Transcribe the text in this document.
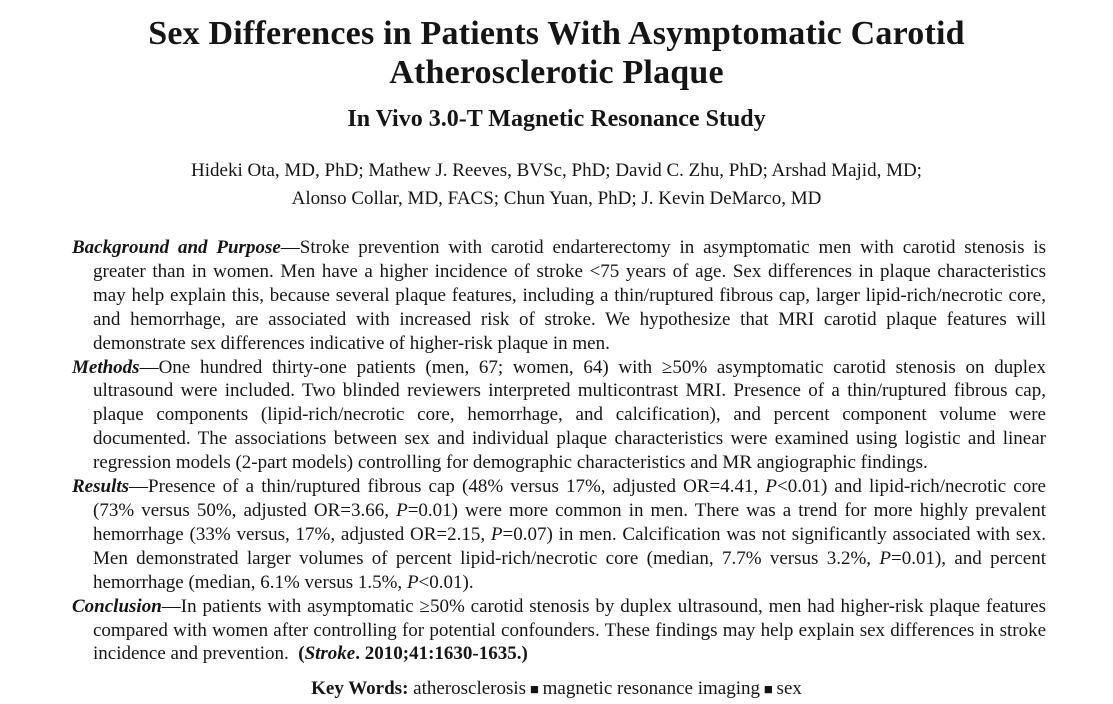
Sex Differences in Patients With Asymptomatic Carotid
Atherosclerotic Plaque
In Vivo 3.0-T Magnetic Resonance Study
Hideki Ota, MD, PhD; Mathew J. Reeves, BVSc, PhD; David C. Zhu, PhD; Arshad Majid, MD;
Alonso Collar, MD, FACS; Chun Yuan, PhD; J. Kevin DeMarco, MD

Background and Purpose—Stroke prevention with carotid endarterectomy in asymptomatic men with carotid stenosis is greater than in women. Men have a higher incidence of stroke <75 years of age. Sex differences in plaque characteristics may help explain this, because several plaque features, including a thin/ruptured fibrous cap, larger lipid-rich/necrotic core, and hemorrhage, are associated with increased risk of stroke. We hypothesize that MRI carotid plaque features will demonstrate sex differences indicative of higher-risk plaque in men.

Methods—One hundred thirty-one patients (men, 67; women, 64) with ≥50% asymptomatic carotid stenosis on duplex ultrasound were included. Two blinded reviewers interpreted multicontrast MRI. Presence of a thin/ruptured fibrous cap, plaque components (lipid-rich/necrotic core, hemorrhage, and calcification), and percent component volume were documented. The associations between sex and individual plaque characteristics were examined using logistic and linear regression models (2-part models) controlling for demographic characteristics and MR angiographic findings.

Results—Presence of a thin/ruptured fibrous cap (48% versus 17%, adjusted OR=4.41, P<0.01) and lipid-rich/necrotic core (73% versus 50%, adjusted OR=3.66, P=0.01) were more common in men. There was a trend for more highly prevalent hemorrhage (33% versus, 17%, adjusted OR=2.15, P=0.07) in men. Calcification was not significantly associated with sex. Men demonstrated larger volumes of percent lipid-rich/necrotic core (median, 7.7% versus 3.2%, P=0.01), and percent hemorrhage (median, 6.1% versus 1.5%, P<0.01).

Conclusion—In patients with asymptomatic ≥50% carotid stenosis by duplex ultrasound, men had higher-risk plaque features compared with women after controlling for potential confounders. These findings may help explain sex differences in stroke incidence and prevention. (Stroke. 2010;41:1630-1635.)

Key Words: atherosclerosis ■ magnetic resonance imaging ■ sex
